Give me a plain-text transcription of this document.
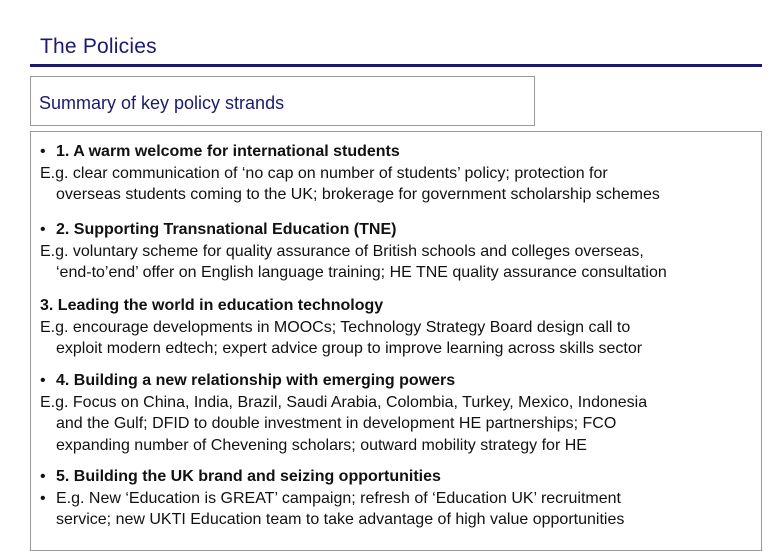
The Policies
Summary of key policy strands
• 1. A warm welcome for international students
E.g. clear communication of ‘no cap on number of students’ policy; protection for
overseas students coming to the UK; brokerage for government scholarship schemes
• 2. Supporting Transnational Education (TNE)
E.g. voluntary scheme for quality assurance of British schools and colleges overseas,
‘end-to’end’ offer on English language training; HE TNE quality assurance consultation
3. Leading the world in education technology
E.g. encourage developments in MOOCs; Technology Strategy Board design call to
exploit modern edtech; expert advice group to improve learning across skills sector
• 4. Building a new relationship with emerging powers
E.g. Focus on China, India, Brazil, Saudi Arabia, Colombia, Turkey, Mexico, Indonesia
and the Gulf; DFID to double investment in development HE partnerships; FCO
expanding number of Chevening scholars; outward mobility strategy for HE
• 5. Building the UK brand and seizing opportunities
• E.g. New ‘Education is GREAT’ campaign; refresh of ‘Education UK’ recruitment
service; new UKTI Education team to take advantage of high value opportunities
